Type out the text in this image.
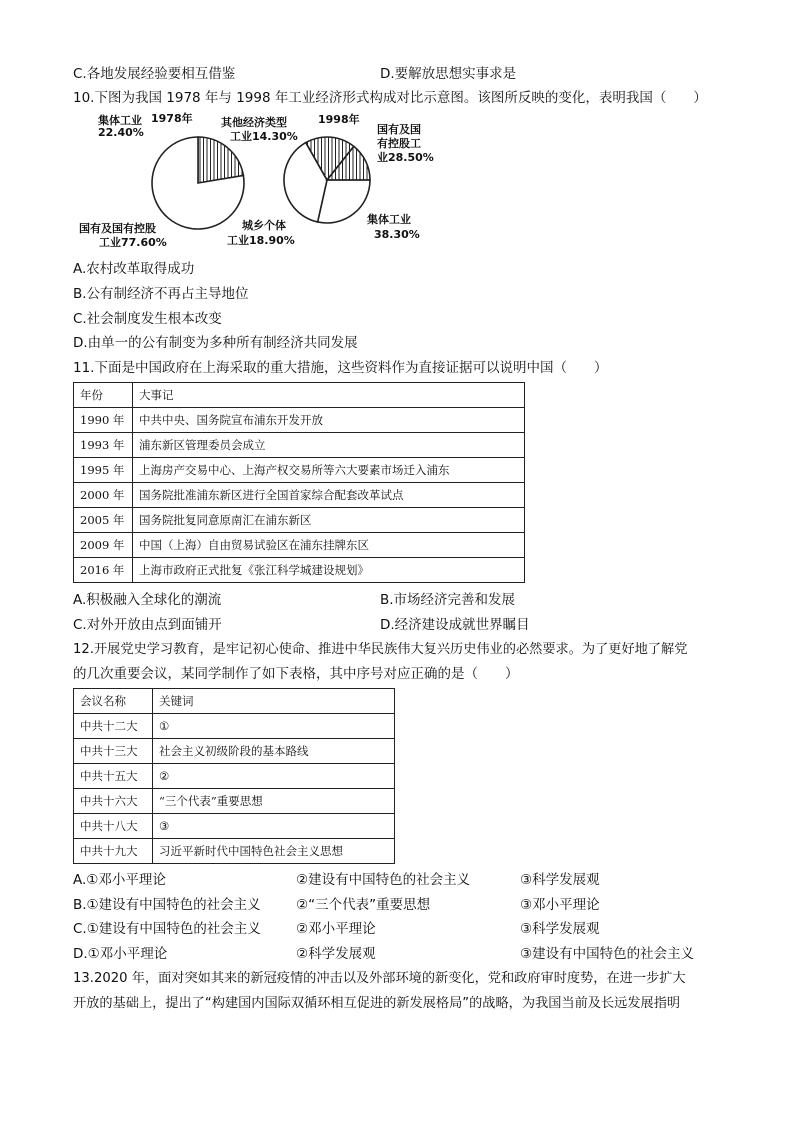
C.各地发展经验要相互借鉴	D.要解放思想实事求是
10.下图为我国 1978 年与 1998 年工业经济形式构成对比示意图。该图所反映的变化，表明我国（　　）
1978年
集体工业
22.40%
国有及国有控股
工业77.60%
其他经济类型
工业14.30%
1998年
国有及国
有控股工
业28.50%
城乡个体
工业18.90%
集体工业
38.30%
A.农村改革取得成功
B.公有制经济不再占主导地位
C.社会制度发生根本改变
D.由单一的公有制变为多种所有制经济共同发展
11.下面是中国政府在上海采取的重大措施，这些资料作为直接证据可以说明中国（　　）
年份	大事记
1990 年	中共中央、国务院宣布浦东开发开放
1993 年	浦东新区管理委员会成立
1995 年	上海房产交易中心、上海产权交易所等六大要素市场迁入浦东
2000 年	国务院批准浦东新区进行全国首家综合配套改革试点
2005 年	国务院批复同意原南汇在浦东新区
2009 年	中国（上海）自由贸易试验区在浦东挂牌东区
2016 年	上海市政府正式批复《张江科学城建设规划》
A.积极融入全球化的潮流	B.市场经济完善和发展
C.对外开放由点到面铺开	D.经济建设成就世界瞩目
12.开展党史学习教育，是牢记初心使命、推进中华民族伟大复兴历史伟业的必然要求。为了更好地了解党
的几次重要会议，某同学制作了如下表格，其中序号对应正确的是（　　）
会议名称	关键词
中共十二大	①
中共十三大	社会主义初级阶段的基本路线
中共十五大	②
中共十六大	“三个代表”重要思想
中共十八大	③
中共十九大	习近平新时代中国特色社会主义思想
A.①邓小平理论	②建设有中国特色的社会主义	③科学发展观
B.①建设有中国特色的社会主义	②“三个代表”重要思想	③邓小平理论
C.①建设有中国特色的社会主义	②邓小平理论	③科学发展观
D.①邓小平理论	②科学发展观	③建设有中国特色的社会主义
13.2020 年，面对突如其来的新冠疫情的冲击以及外部环境的新变化，党和政府审时度势，在进一步扩大
开放的基础上，提出了“构建国内国际双循环相互促进的新发展格局”的战略，为我国当前及长远发展指明
